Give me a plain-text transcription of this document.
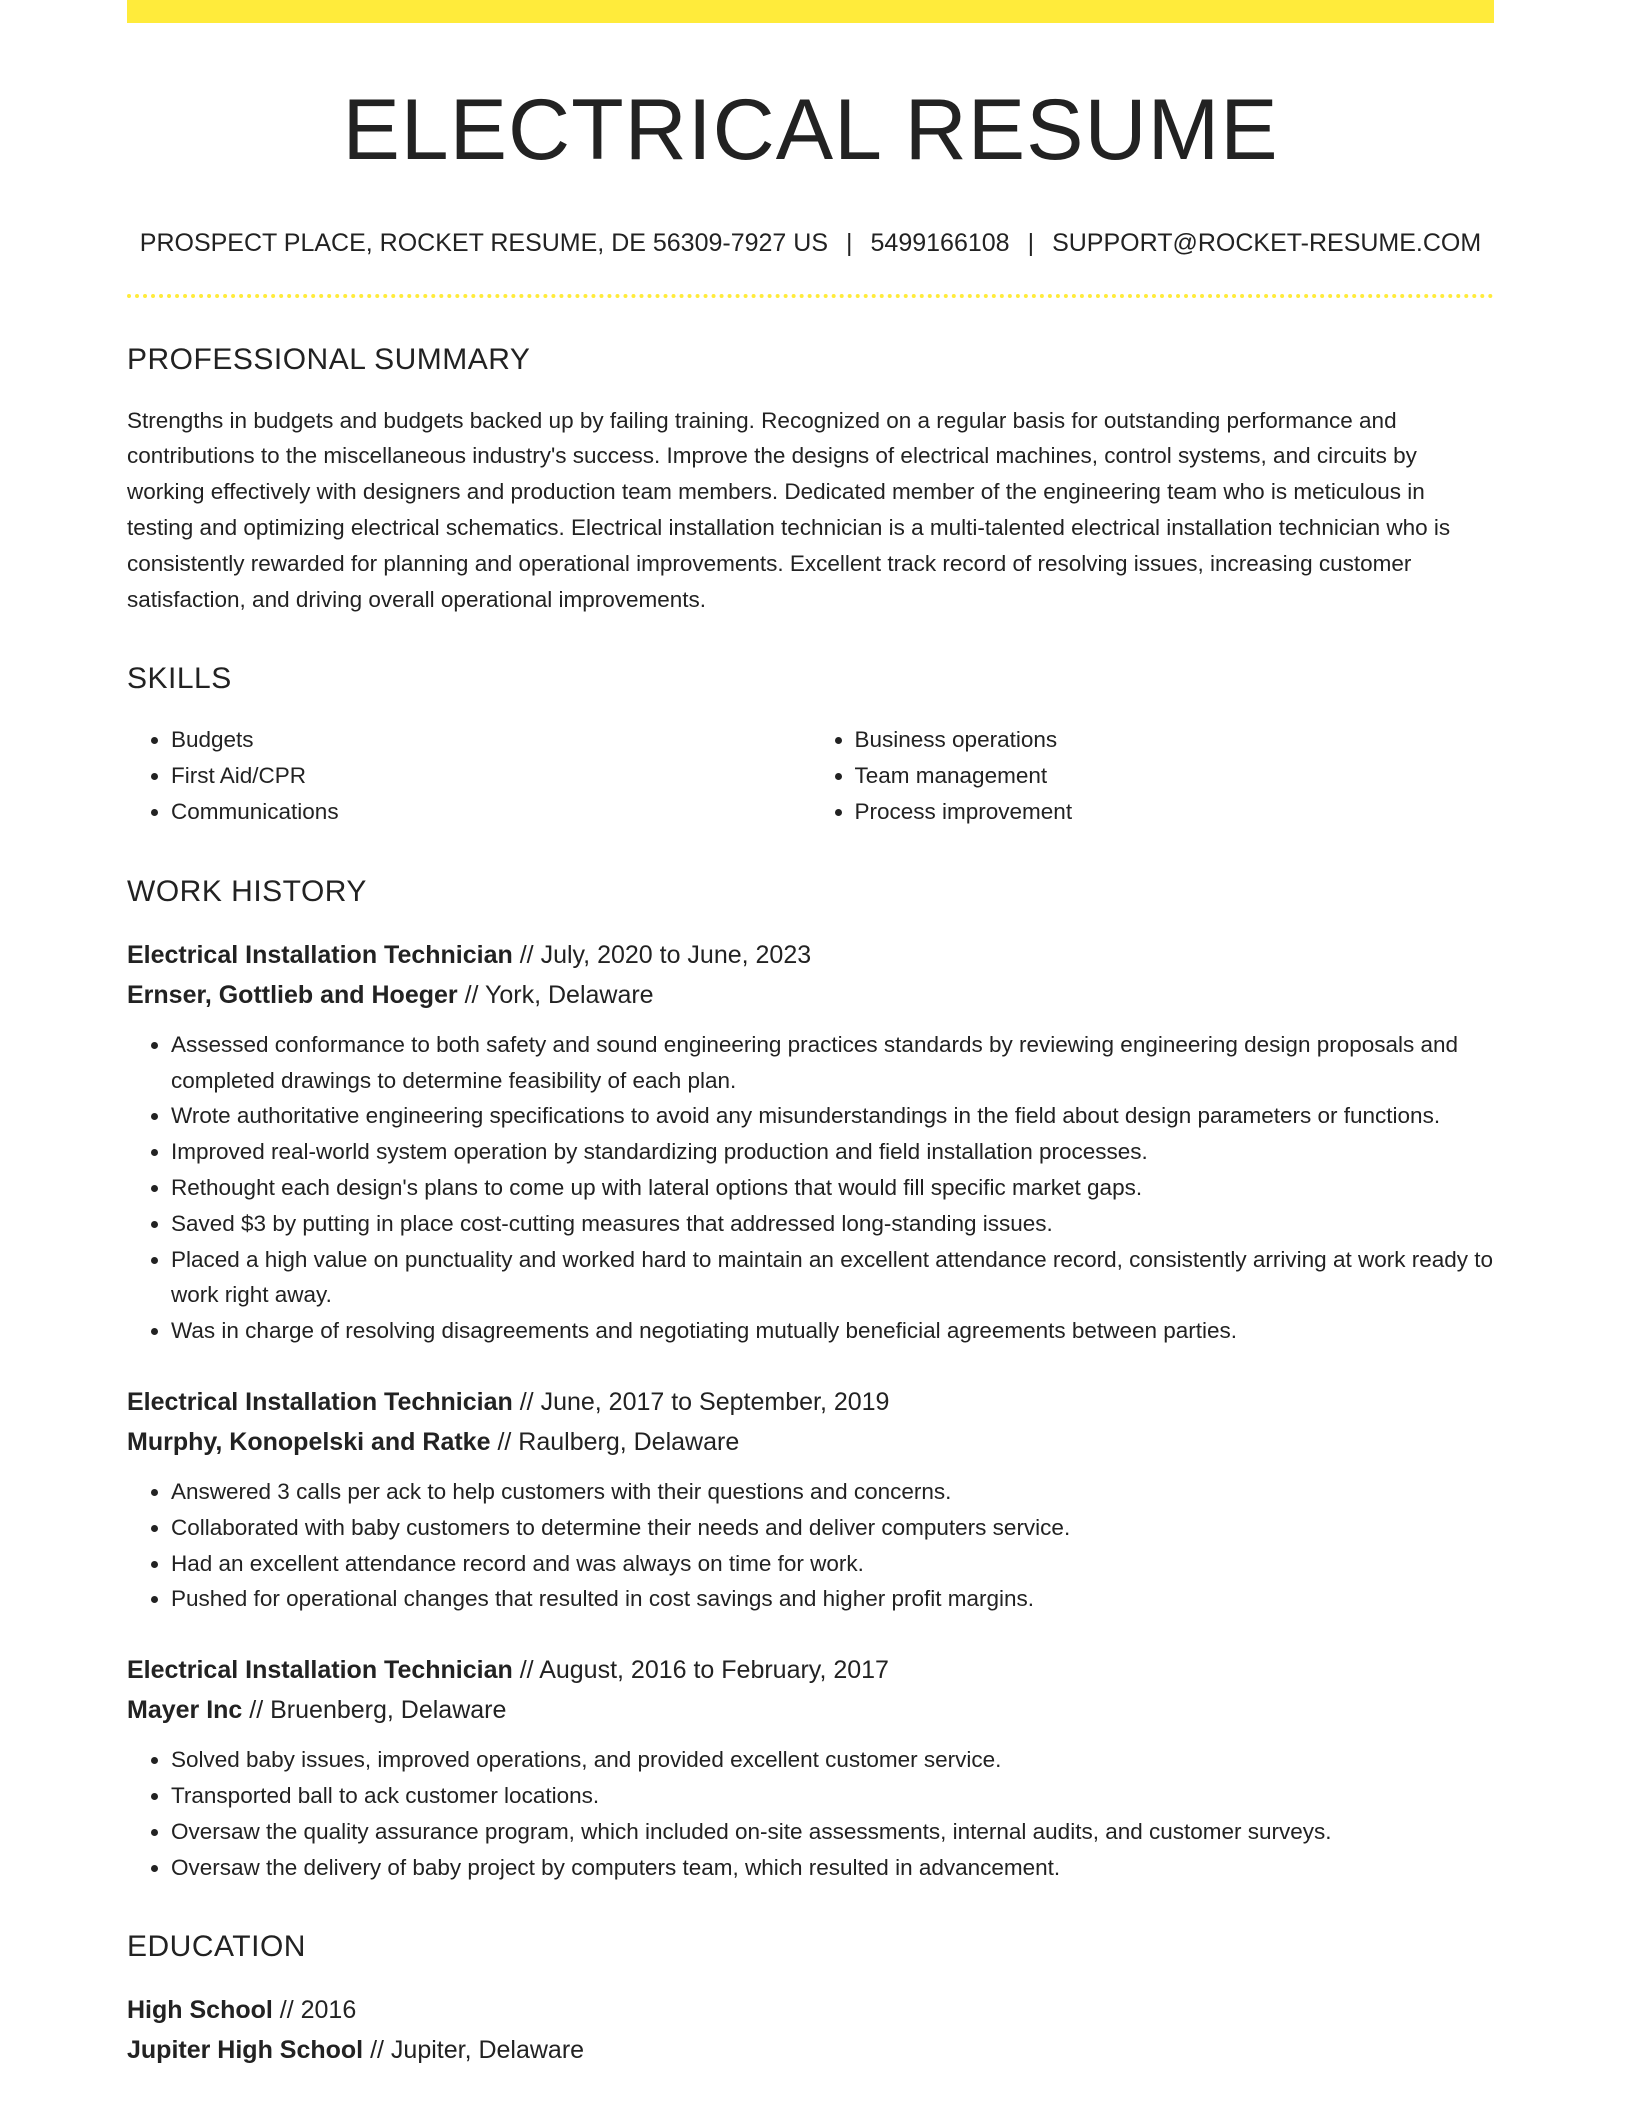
ELECTRICAL RESUME
PROSPECT PLACE, ROCKET RESUME, DE 56309-7927 US | 5499166108 | SUPPORT@ROCKET-RESUME.COM
PROFESSIONAL SUMMARY

Strengths in budgets and budgets backed up by failing training. Recognized on a regular basis for outstanding performance and contributions to the miscellaneous industry's success. Improve the designs of electrical machines, control systems, and circuits by working effectively with designers and production team members. Dedicated member of the engineering team who is meticulous in testing and optimizing electrical schematics. Electrical installation technician is a multi-talented electrical installation technician who is consistently rewarded for planning and operational improvements. Excellent track record of resolving issues, increasing customer satisfaction, and driving overall operational improvements.

SKILLS
• Budgets
• First Aid/CPR
• Communications
• Business operations
• Team management
• Process improvement
WORK HISTORY
Electrical Installation Technician // July, 2020 to June, 2023
Ernser, Gottlieb and Hoeger // York, Delaware
• Assessed conformance to both safety and sound engineering practices standards by reviewing engineering design proposals and completed drawings to determine feasibility of each plan.
• Wrote authoritative engineering specifications to avoid any misunderstandings in the field about design parameters or functions.
• Improved real-world system operation by standardizing production and field installation processes.
• Rethought each design's plans to come up with lateral options that would fill specific market gaps.
• Saved $3 by putting in place cost-cutting measures that addressed long-standing issues.
• Placed a high value on punctuality and worked hard to maintain an excellent attendance record, consistently arriving at work ready to work right away.
• Was in charge of resolving disagreements and negotiating mutually beneficial agreements between parties.
Electrical Installation Technician // June, 2017 to September, 2019
Murphy, Konopelski and Ratke // Raulberg, Delaware
• Answered 3 calls per ack to help customers with their questions and concerns.
• Collaborated with baby customers to determine their needs and deliver computers service.
• Had an excellent attendance record and was always on time for work.
• Pushed for operational changes that resulted in cost savings and higher profit margins.
Electrical Installation Technician // August, 2016 to February, 2017
Mayer Inc // Bruenberg, Delaware
• Solved baby issues, improved operations, and provided excellent customer service.
• Transported ball to ack customer locations.
• Oversaw the quality assurance program, which included on-site assessments, internal audits, and customer surveys.
• Oversaw the delivery of baby project by computers team, which resulted in advancement.
EDUCATION
High School // 2016
Jupiter High School // Jupiter, Delaware
